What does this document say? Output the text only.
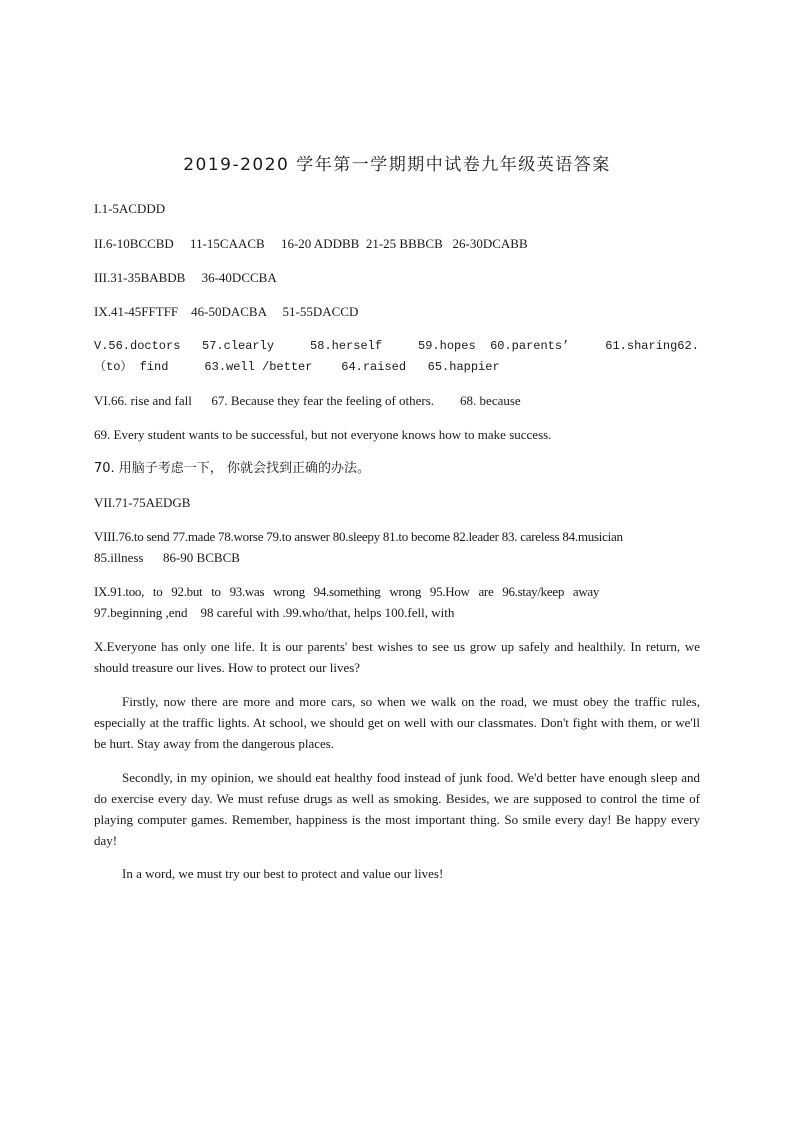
2019-2020 学年第一学期期中试卷九年级英语答案

I.1-5ACDDD

II.6-10BCCBD     11-15CAACB     16-20 ADDBB  21-25 BBBCB   26-30DCABB

III.31-35BABDB     36-40DCCBA

IX.41-45FFTFF    46-50DACBA     51-55DACCD

V.56.doctors   57.clearly     58.herself     59.hopes  60.parents’     61.sharing62.

（to） find     63.well /better    64.raised   65.happier

VI.66. rise and fall      67. Because they fear the feeling of others.        68. because

69. Every student wants to be successful, but not everyone knows how to make success.

70. 用脑子考虑一下， 你就会找到正确的办法。

VII.71-75AEDGB

VIII.76.to send 77.made 78.worse 79.to answer 80.sleepy 81.to become 82.leader 83. careless 84.musician

85.illness      86-90 BCBCB

IX.91.too,   to   92.but   to   93.was   wrong   94.something   wrong   95.How   are   96.stay/keep   away

97.beginning ,end    98 careful with .99.who/that, helps 100.fell, with

X.Everyone has only one life. It is our parents' best wishes to see us grow up safely and healthily. In return, we should treasure our lives. How to protect our lives?

Firstly, now there are more and more cars, so when we walk on the road, we must obey the traffic rules, especially at the traffic lights. At school, we should get on well with our classmates. Don't fight with them, or we'll be hurt. Stay away from the dangerous places.

Secondly, in my opinion, we should eat healthy food instead of junk food. We'd better have enough sleep and do exercise every day. We must refuse drugs as well as smoking. Besides, we are supposed to control the time of playing computer games. Remember, happiness is the most important thing. So smile every day! Be happy every day!

In a word, we must try our best to protect and value our lives!
